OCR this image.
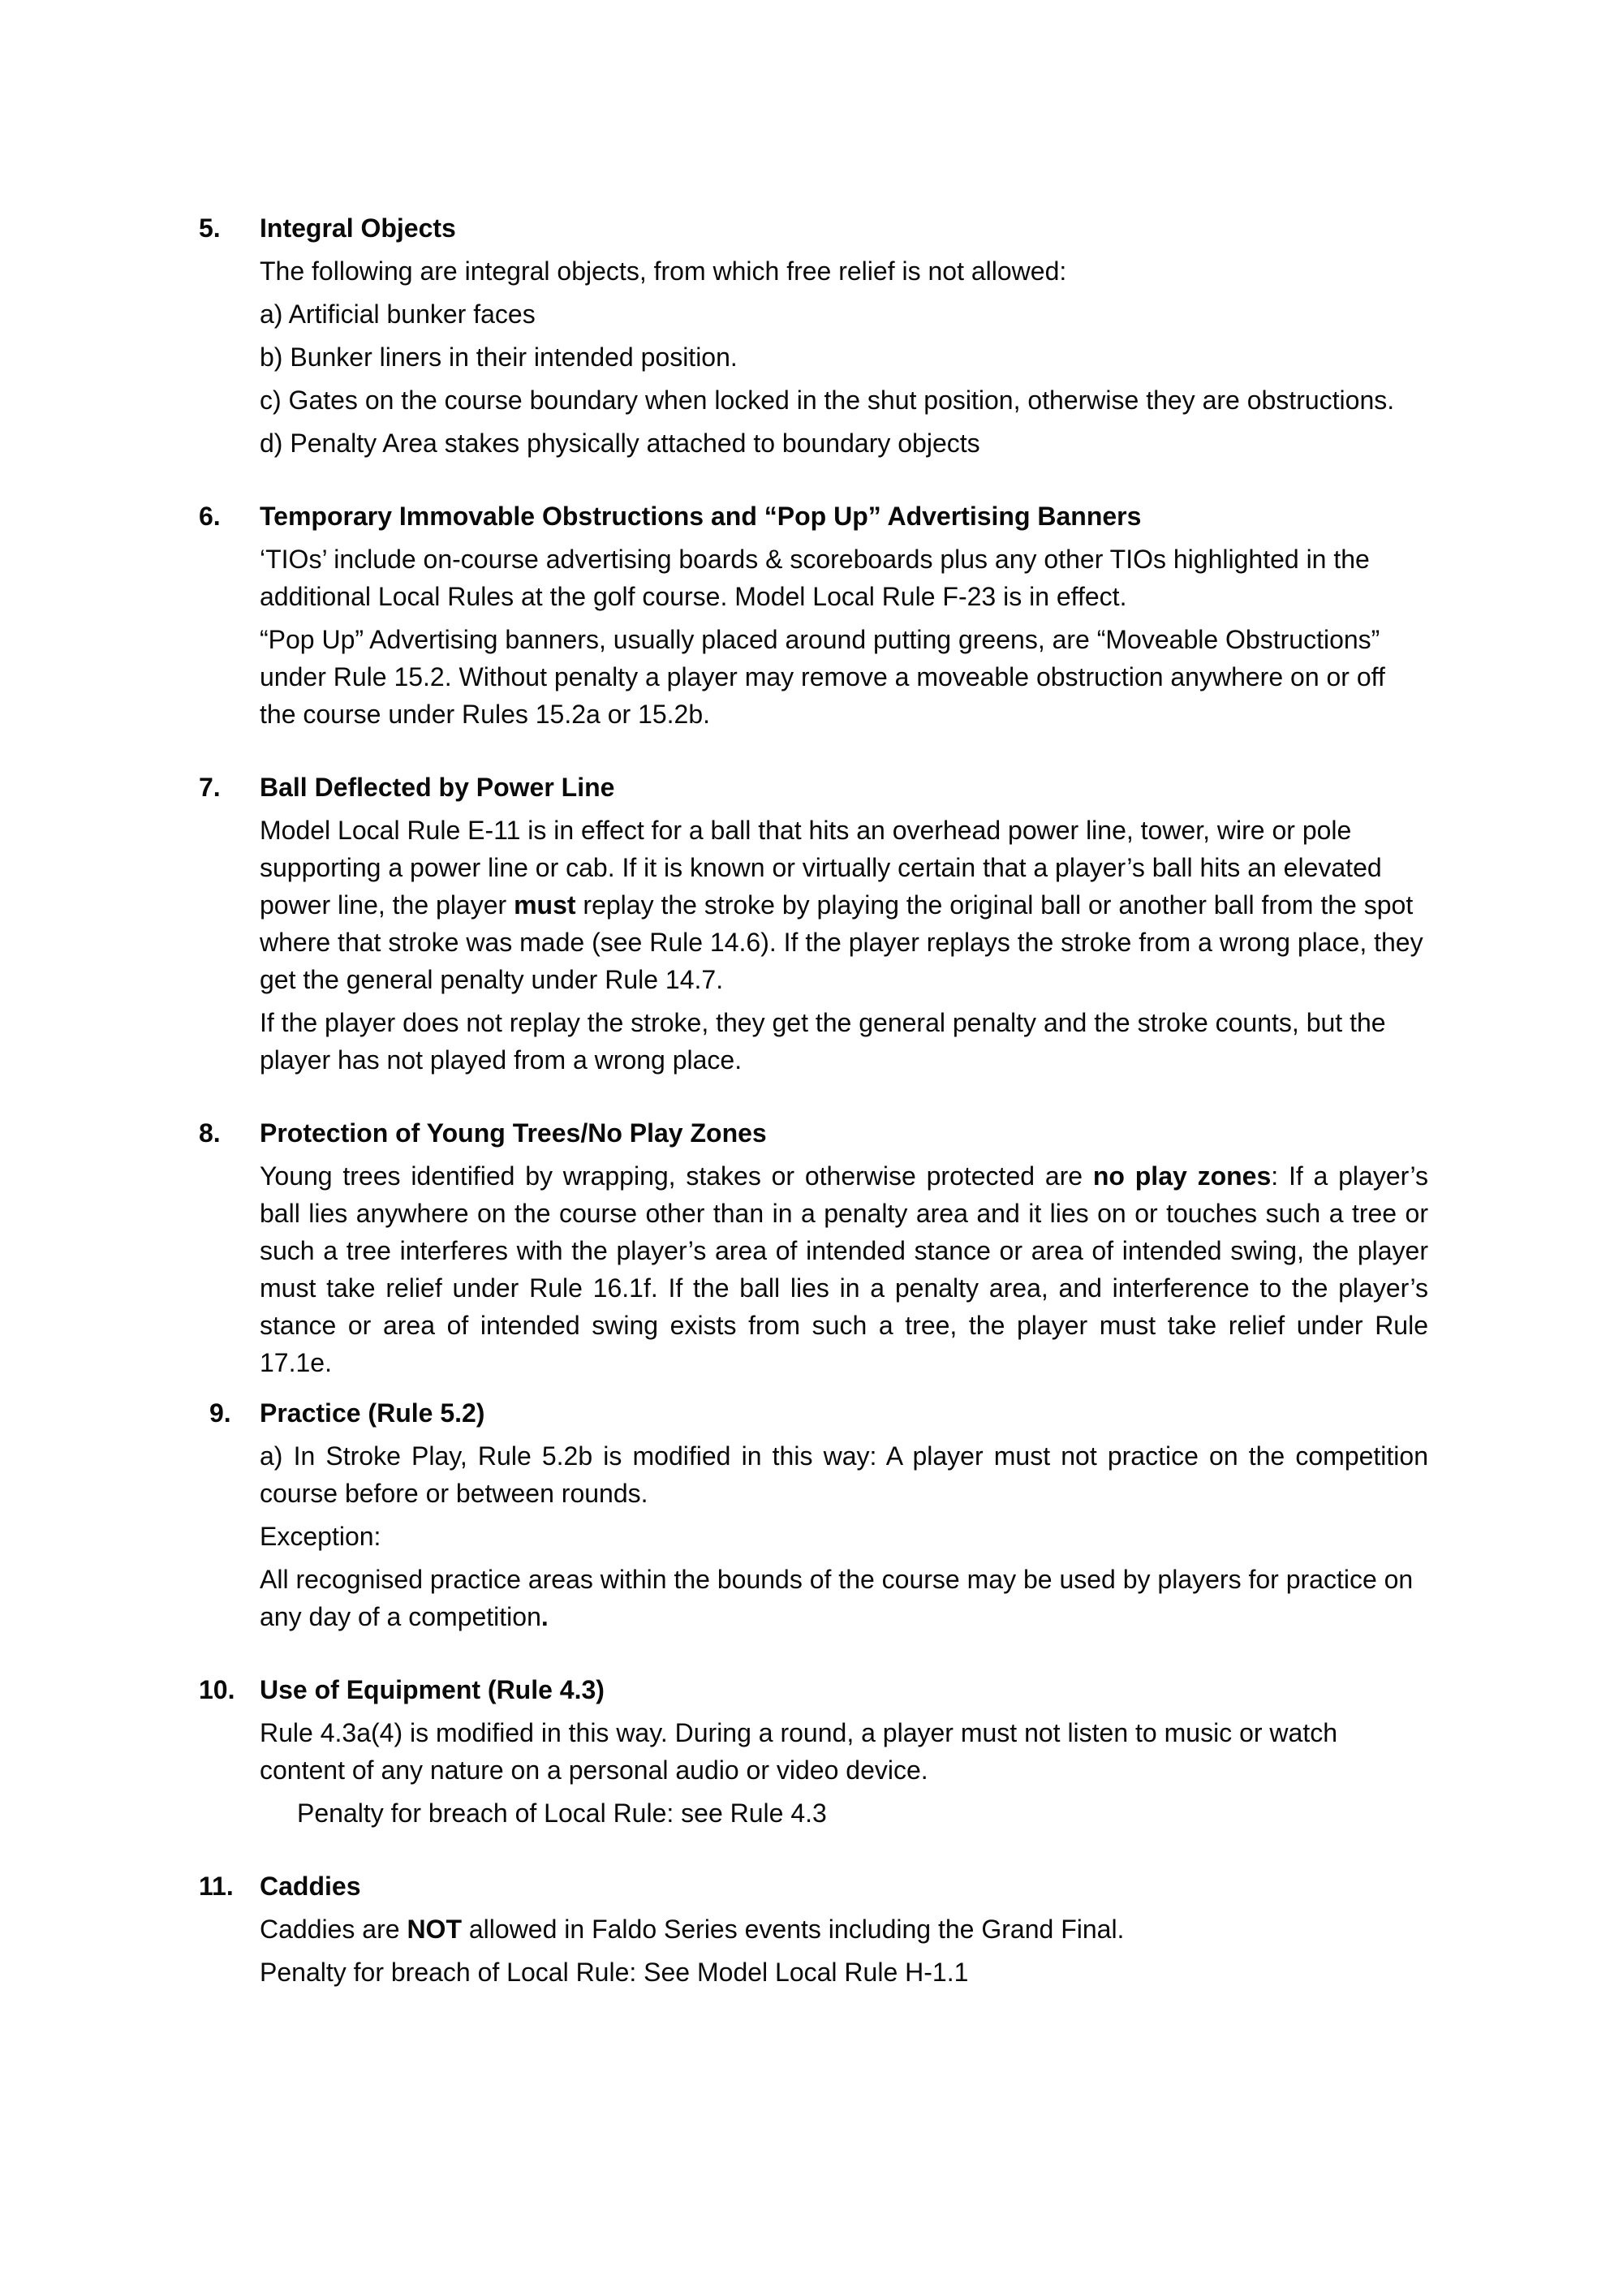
5.	Integral Objects

The following are integral objects, from which free relief is not allowed:

a) Artificial bunker faces

b) Bunker liners in their intended position.

c) Gates on the course boundary when locked in the shut position, otherwise they are obstructions.

d) Penalty Area stakes physically attached to boundary objects

6.	Temporary Immovable Obstructions and “Pop Up” Advertising Banners

‘TIOs’ include on-course advertising boards & scoreboards plus any other TIOs highlighted in the additional Local Rules at the golf course. Model Local Rule F-23 is in effect.

“Pop Up” Advertising banners, usually placed around putting greens, are “Moveable Obstructions” under Rule 15.2. Without penalty a player may remove a moveable obstruction anywhere on or off the course under Rules 15.2a or 15.2b.

7.	Ball Deflected by Power Line

Model Local Rule E-11 is in effect for a ball that hits an overhead power line, tower, wire or pole supporting a power line or cab. If it is known or virtually certain that a player’s ball hits an elevated power line, the player must replay the stroke by playing the original ball or another ball from the spot where that stroke was made (see Rule 14.6). If the player replays the stroke from a wrong place, they get the general penalty under Rule 14.7.

If the player does not replay the stroke, they get the general penalty and the stroke counts, but the player has not played from a wrong place.

8.	Protection of Young Trees/No Play Zones

Young trees identified by wrapping, stakes or otherwise protected are no play zones: If a player’s ball lies anywhere on the course other than in a penalty area and it lies on or touches such a tree or such a tree interferes with the player’s area of intended stance or area of intended swing, the player must take relief under Rule 16.1f. If the ball lies in a penalty area, and interference to the player’s stance or area of intended swing exists from such a tree, the player must take relief under Rule 17.1e.

9.	Practice (Rule 5.2)

a) In Stroke Play, Rule 5.2b is modified in this way: A player must not practice on the competition course before or between rounds.

Exception:

All recognised practice areas within the bounds of the course may be used by players for practice on any day of a competition.

10. Use of Equipment (Rule 4.3)

Rule 4.3a(4) is modified in this way. During a round, a player must not listen to music or watch content of any nature on a personal audio or video device.

Penalty for breach of Local Rule: see Rule 4.3

11.	Caddies

Caddies are NOT allowed in Faldo Series events including the Grand Final.

Penalty for breach of Local Rule: See Model Local Rule H-1.1
